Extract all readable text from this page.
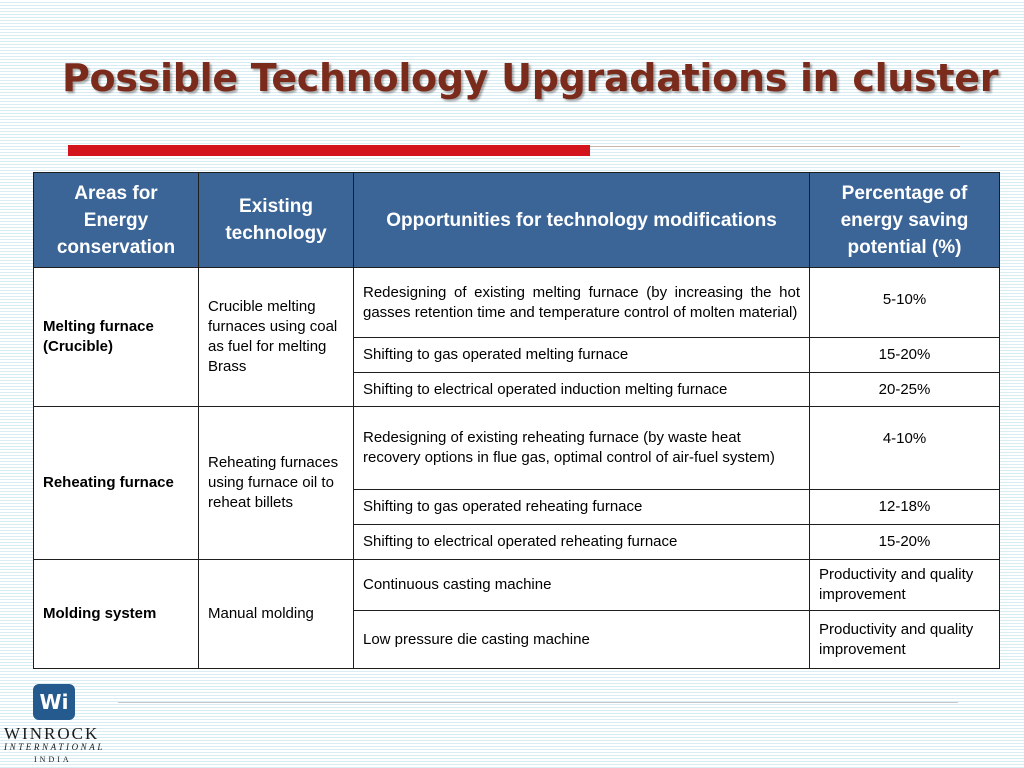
Possible Technology Upgradations in cluster
Areas for Energy conservation	Existing technology	Opportunities for technology modifications	Percentage of energy saving potential (%)
Melting furnace (Crucible)	Crucible melting furnaces using coal as fuel for melting Brass	Redesigning of existing melting furnace (by increasing the hot gasses retention time and temperature control of molten material)	5-10%
		Shifting to gas operated melting furnace	15-20%
		Shifting to electrical operated induction melting furnace	20-25%
Reheating furnace	Reheating furnaces using furnace oil to reheat billets	Redesigning of existing reheating furnace (by waste heat recovery options in flue gas, optimal control of air-fuel system)	4-10%
		Shifting to gas operated reheating furnace	12-18%
		Shifting to electrical operated reheating furnace	15-20%
Molding system	Manual molding	Continuous casting machine	Productivity and quality improvement
		Low pressure die casting machine	Productivity and quality improvement
Wi
WINROCK
INTERNATIONAL
INDIA
